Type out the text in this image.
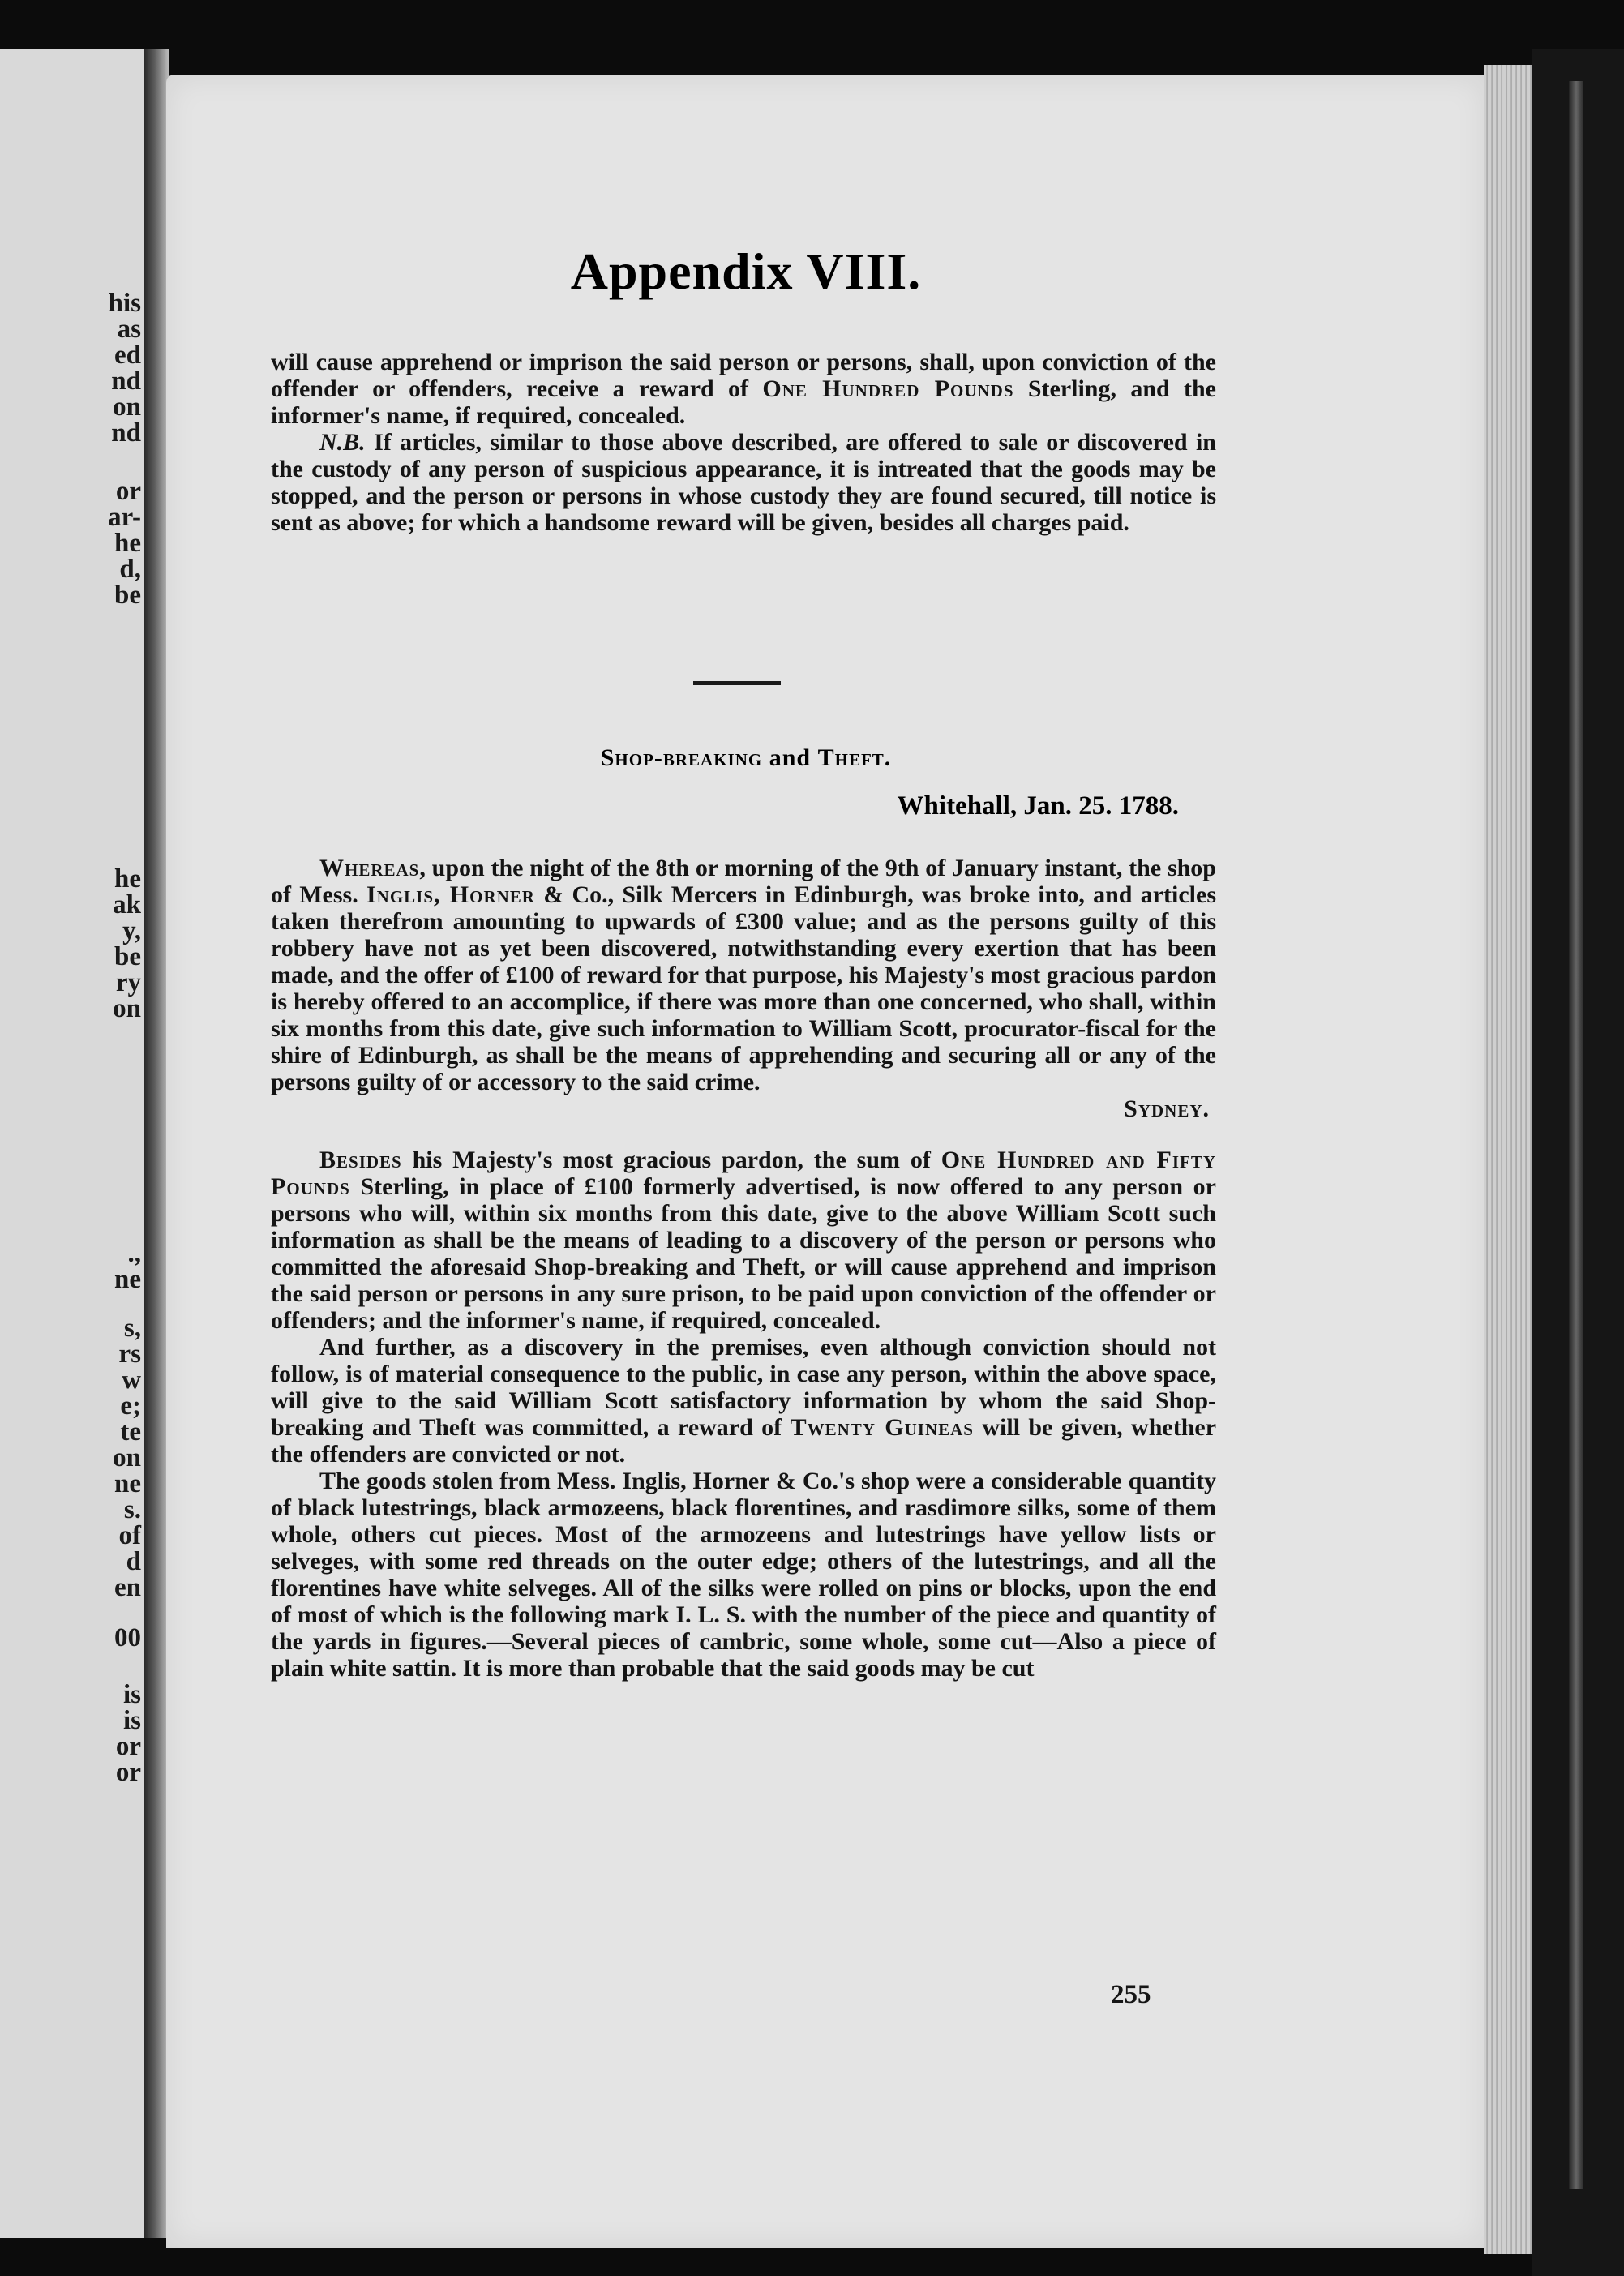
his
as
ed
nd
on
nd
or
ar-
he
d,
be
he
ak
y,
be
ry
on
.,
ne
s,
rs
w
e;
te
on
ne
s.
of
d
en
00
is
is
or
or
Appendix VIII.

will cause apprehend or imprison the said person or persons, shall, upon conviction of the offender or offenders, receive a reward of One Hundred Pounds Sterling, and the informer's name, if required, concealed.

N.B. If articles, similar to those above described, are offered to sale or discovered in the custody of any person of suspicious appearance, it is intreated that the goods may be stopped, and the person or persons in whose custody they are found secured, till notice is sent as above; for which a handsome reward will be given, besides all charges paid.

Shop-breaking and Theft.
Whitehall, Jan. 25. 1788.

Whereas, upon the night of the 8th or morning of the 9th of January instant, the shop of Mess. Inglis, Horner & Co., Silk Mercers in Edinburgh, was broke into, and articles taken therefrom amounting to upwards of £300 value; and as the persons guilty of this robbery have not as yet been discovered, notwithstanding every exertion that has been made, and the offer of £100 of reward for that purpose, his Majesty's most gracious pardon is hereby offered to an accomplice, if there was more than one concerned, who shall, within six months from this date, give such information to William Scott, procurator-fiscal for the shire of Edinburgh, as shall be the means of apprehending and securing all or any of the persons guilty of or accessory to the said crime.

Sydney.

Besides his Majesty's most gracious pardon, the sum of One Hundred and Fifty Pounds Sterling, in place of £100 formerly advertised, is now offered to any person or persons who will, within six months from this date, give to the above William Scott such information as shall be the means of leading to a discovery of the person or persons who committed the aforesaid Shop-breaking and Theft, or will cause apprehend and imprison the said person or persons in any sure prison, to be paid upon conviction of the offender or offenders; and the informer's name, if required, concealed.

And further, as a discovery in the premises, even although conviction should not follow, is of material consequence to the public, in case any person, within the above space, will give to the said William Scott satisfactory information by whom the said Shop-breaking and Theft was committed, a reward of Twenty Guineas will be given, whether the offenders are convicted or not.

The goods stolen from Mess. Inglis, Horner & Co.'s shop were a considerable quantity of black lutestrings, black armozeens, black florentines, and rasdimore silks, some of them whole, others cut pieces. Most of the armozeens and lutestrings have yellow lists or selveges, with some red threads on the outer edge; others of the lutestrings, and all the florentines have white selveges. All of the silks were rolled on pins or blocks, upon the end of most of which is the following mark I. L. S. with the number of the piece and quantity of the yards in figures.—Several pieces of cambric, some whole, some cut—Also a piece of plain white sattin. It is more than probable that the said goods may be cut

255
